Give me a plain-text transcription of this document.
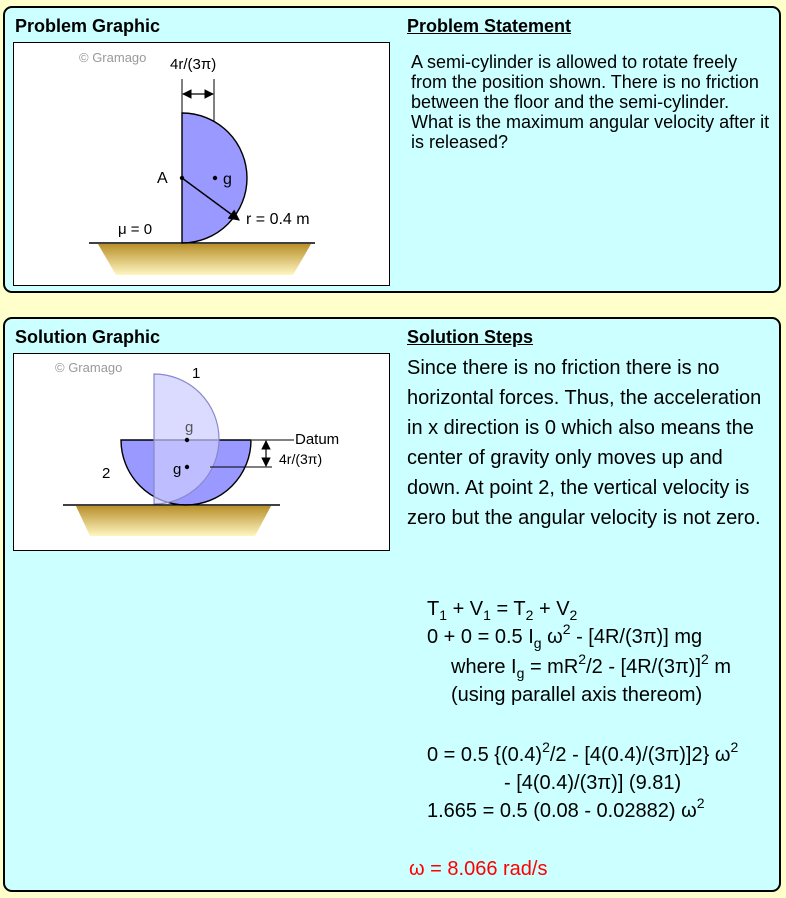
Problem Graphic	Problem Statement
© Gramago 4r/(3π)
A	g
r = 0.4 m
μ = 0
A semi-cylinder is allowed to rotate freely from the position shown. There is no friction between the floor and the semi-cylinder. What is the maximum angular velocity after it is released?
Solution Graphic	Solution Steps
© Gramago	1
2
g
g
Datum
4r/(3π)
Since there is no friction there is no horizontal forces. Thus, the acceleration in x direction is 0 which also means the center of gravity only moves up and down. At point 2, the vertical velocity is zero but the angular velocity is not zero.
$T_1 + V_1 = T_2 + V_2$
0 + 0 = 0.5 $I_g$ $\omega^2 - [4R/(3\pi)]$ mg
where $I_g = mR^2/2 - [4R/(3\pi)]^2$ m
(using parallel axis thereom)
0 = 0.5 $\{(0.4)^2/2 - [4(0.4)/(3\pi)]2\}$ $\omega^2$
- [4(0.4)/(3π)] (9.81)
1.665 = 0.5 (0.08 - 0.02882) $\omega^2$
ω = 8.066 rad/s
